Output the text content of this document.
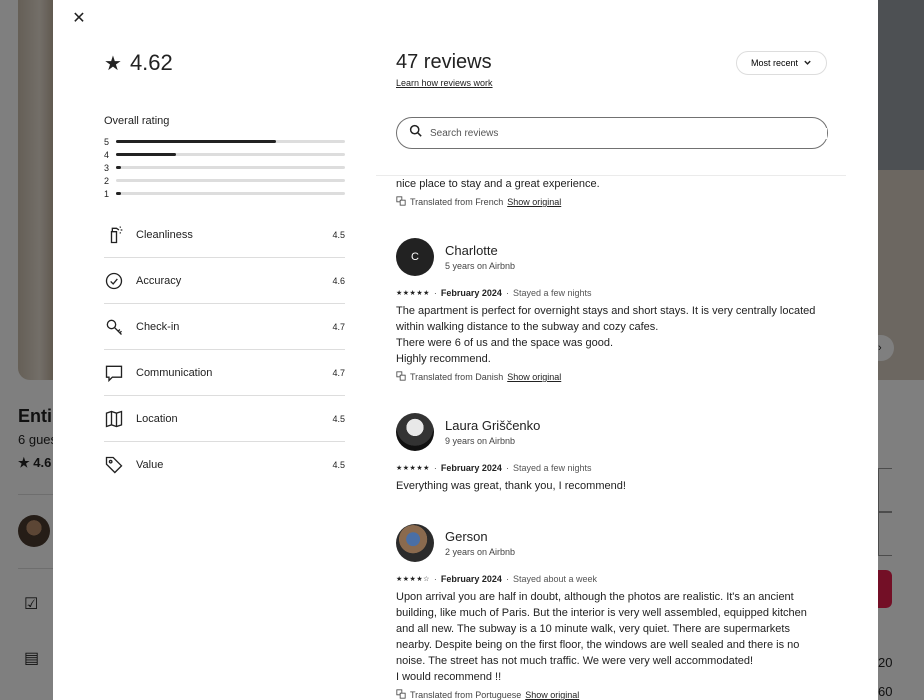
✕
★ 4.62
Overall rating
5
4
3
2
1
Cleanliness	4.5
Accuracy	4.6
Check-in	4.7
Communication	4.7
Location	4.5
Value	4.5
47 reviews
Learn how reviews work
Most recent
Search reviews

nice place to stay and a great experience.
Translated from French Show original
C	Charlotte
5 years on Airbnb
★★★★★ · February 2024 · Stayed a few nights
The apartment is perfect for overnight stays and short stays. It is very centrally located within walking distance to the subway and cozy cafes.
There were 6 of us and the space was good.
Highly recommend.
Translated from Danish Show original
Laura Griščenko
9 years on Airbnb
★★★★★ · February 2024 · Stayed a few nights
Everything was great, thank you, I recommend!
Gerson
2 years on Airbnb
★★★★☆ · February 2024 · Stayed about a week
Upon arrival you are half in doubt, although the photos are realistic. It's an ancient building, like much of Paris. But the interior is very well assembled, equipped kitchen and all new. The subway is a 10 minute walk, very quiet. There are supermarkets nearby. Despite being on the first floor, the windows are well sealed and there is no noise. The street has not much traffic. We were very well accommodated!
I would recommend !!
Translated from Portuguese Show original
